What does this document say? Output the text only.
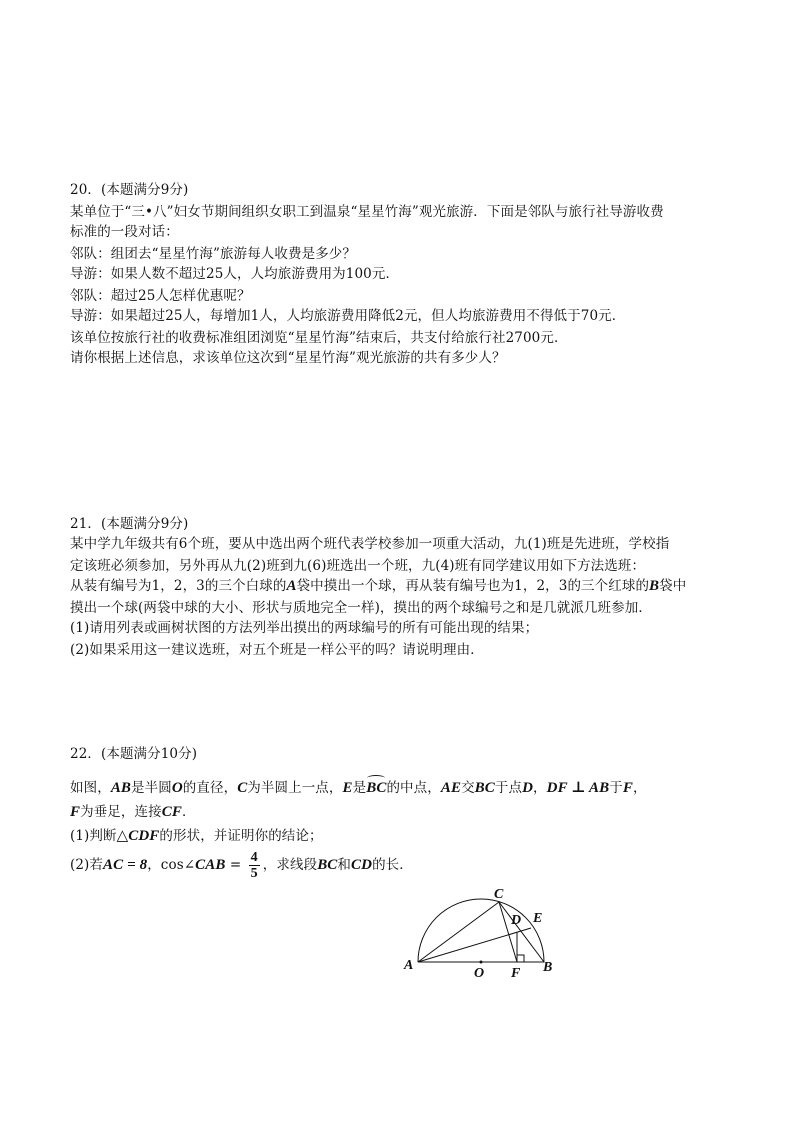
20．(本题满分9分)
某单位于“三•八”妇女节期间组织女职工到温泉“星星竹海”观光旅游．下面是邻队与旅行社导游收费
标准的一段对话：
邻队：组团去“星星竹海”旅游每人收费是多少？
导游：如果人数不超过25人，人均旅游费用为100元．
邻队：超过25人怎样优惠呢？
导游：如果超过25人，每增加1人，人均旅游费用降低2元，但人均旅游费用不得低于70元．
该单位按旅行社的收费标准组团浏览“星星竹海”结束后，共支付给旅行社2700元．
请你根据上述信息，求该单位这次到“星星竹海”观光旅游的共有多少人？
21．(本题满分9分)
某中学九年级共有6个班，要从中选出两个班代表学校参加一项重大活动，九(1)班是先进班，学校指
定该班必须参加，另外再从九(2)班到九(6)班选出一个班，九(4)班有同学建议用如下方法选班：
从装有编号为1，2，3的三个白球的A袋中摸出一个球，再从装有编号也为1，2，3的三个红球的B袋中
摸出一个球(两袋中球的大小、形状与质地完全一样)，摸出的两个球编号之和是几就派几班参加．
(1)请用列表或画树状图的方法列举出摸出的两球编号的所有可能出现的结果；
(2)如果采用这一建议选班，对五个班是一样公平的吗？请说明理由．
22．(本题满分10分)
如图，AB是半圆O的直径，C为半圆上一点，E是BC的中点，AE交BC于点D，DF ⊥ AB于F，
F为垂足，连接CF．
(1)判断△CDF的形状，并证明你的结论；
(2)若AC = 8，cos∠CAB = $\frac{4}{5}$ ，求线段BC和CD的长．
A	B
C
D E
F
O
